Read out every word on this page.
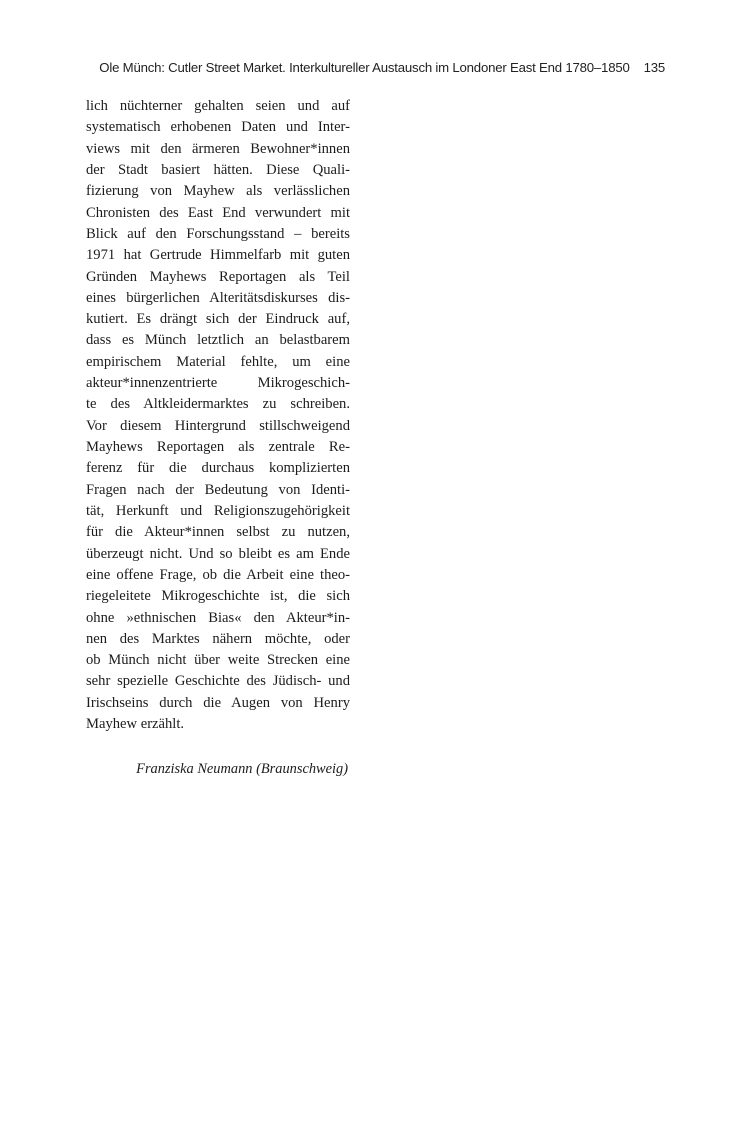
Ole Münch: Cutler Street Market. Interkultureller Austausch im Londoner East End 1780–1850 135
lich nüchterner gehalten seien und auf
systematisch erhobenen Daten und Inter-
views mit den ärmeren Bewohner*innen
der Stadt basiert hätten. Diese Quali-
fizierung von Mayhew als verlässlichen
Chronisten des East End verwundert mit
Blick auf den Forschungsstand – bereits
1971 hat Gertrude Himmelfarb mit guten
Gründen Mayhews Reportagen als Teil
eines bürgerlichen Alteritätsdiskurses dis-
kutiert. Es drängt sich der Eindruck auf,
dass es Münch letztlich an belastbarem
empirischem Material fehlte, um eine
akteur*innenzentrierte Mikrogeschich-
te des Altkleidermarktes zu schreiben.
Vor diesem Hintergrund stillschweigend
Mayhews Reportagen als zentrale Re-
ferenz für die durchaus komplizierten
Fragen nach der Bedeutung von Identi-
tät, Herkunft und Religionszugehörigkeit
für die Akteur*innen selbst zu nutzen,
überzeugt nicht. Und so bleibt es am Ende
eine offene Frage, ob die Arbeit eine theo-
riegeleitete Mikrogeschichte ist, die sich
ohne »ethnischen Bias« den Akteur*in-
nen des Marktes nähern möchte, oder
ob Münch nicht über weite Strecken eine
sehr spezielle Geschichte des Jüdisch- und
Irischseins durch die Augen von Henry
Mayhew erzählt.
Franziska Neumann (Braunschweig)
